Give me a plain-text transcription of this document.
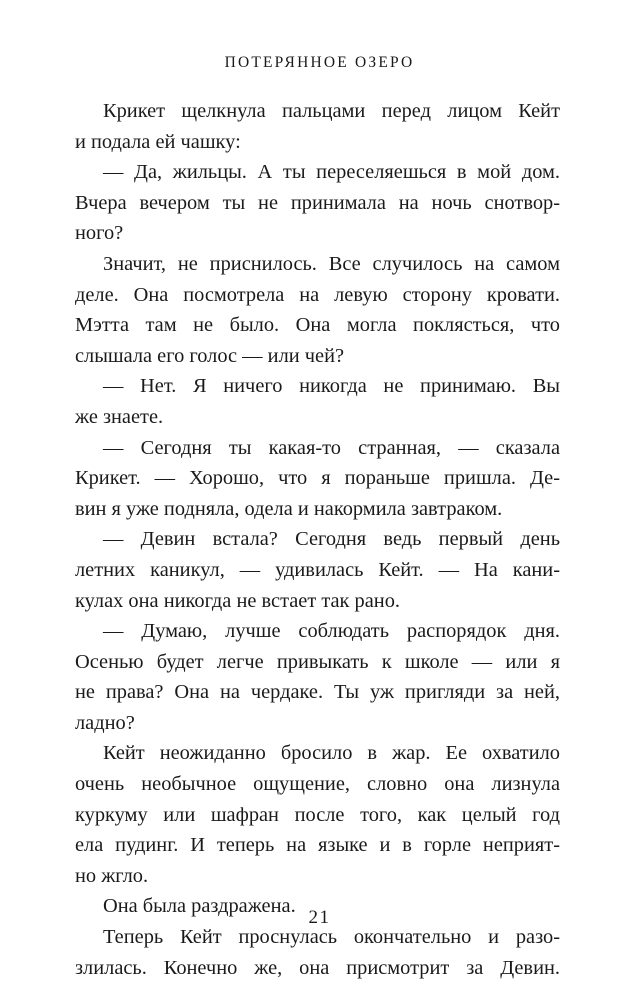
ПОТЕРЯННОЕ ОЗЕРО
Крикет щелкнула пальцами перед лицом Кейт
и подала ей чашку:
— Да, жильцы. А ты переселяешься в мой дом.
Вчера вечером ты не принимала на ночь снотвор-
ного?
Значит, не приснилось. Все случилось на самом
деле. Она посмотрела на левую сторону кровати.
Мэтта там не было. Она могла поклясться, что
слышала его голос — или чей?
— Нет. Я ничего никогда не принимаю. Вы
же знаете.
— Сегодня ты какая-то странная, — сказала
Крикет. — Хорошо, что я пораньше пришла. Де-
вин я уже подняла, одела и накормила завтраком.
— Девин встала? Сегодня ведь первый день
летних каникул, — удивилась Кейт. — На кани-
кулах она никогда не встает так рано.
— Думаю, лучше соблюдать распорядок дня.
Осенью будет легче привыкать к школе — или я
не права? Она на чердаке. Ты уж пригляди за ней,
ладно?
Кейт неожиданно бросило в жар. Ее охватило
очень необычное ощущение, словно она лизнула
куркуму или шафран после того, как целый год
ела пудинг. И теперь на языке и в горле неприят-
но жгло.
Она была раздражена.
Теперь Кейт проснулась окончательно и разо-
злилась. Конечно же, она присмотрит за Девин.
21
